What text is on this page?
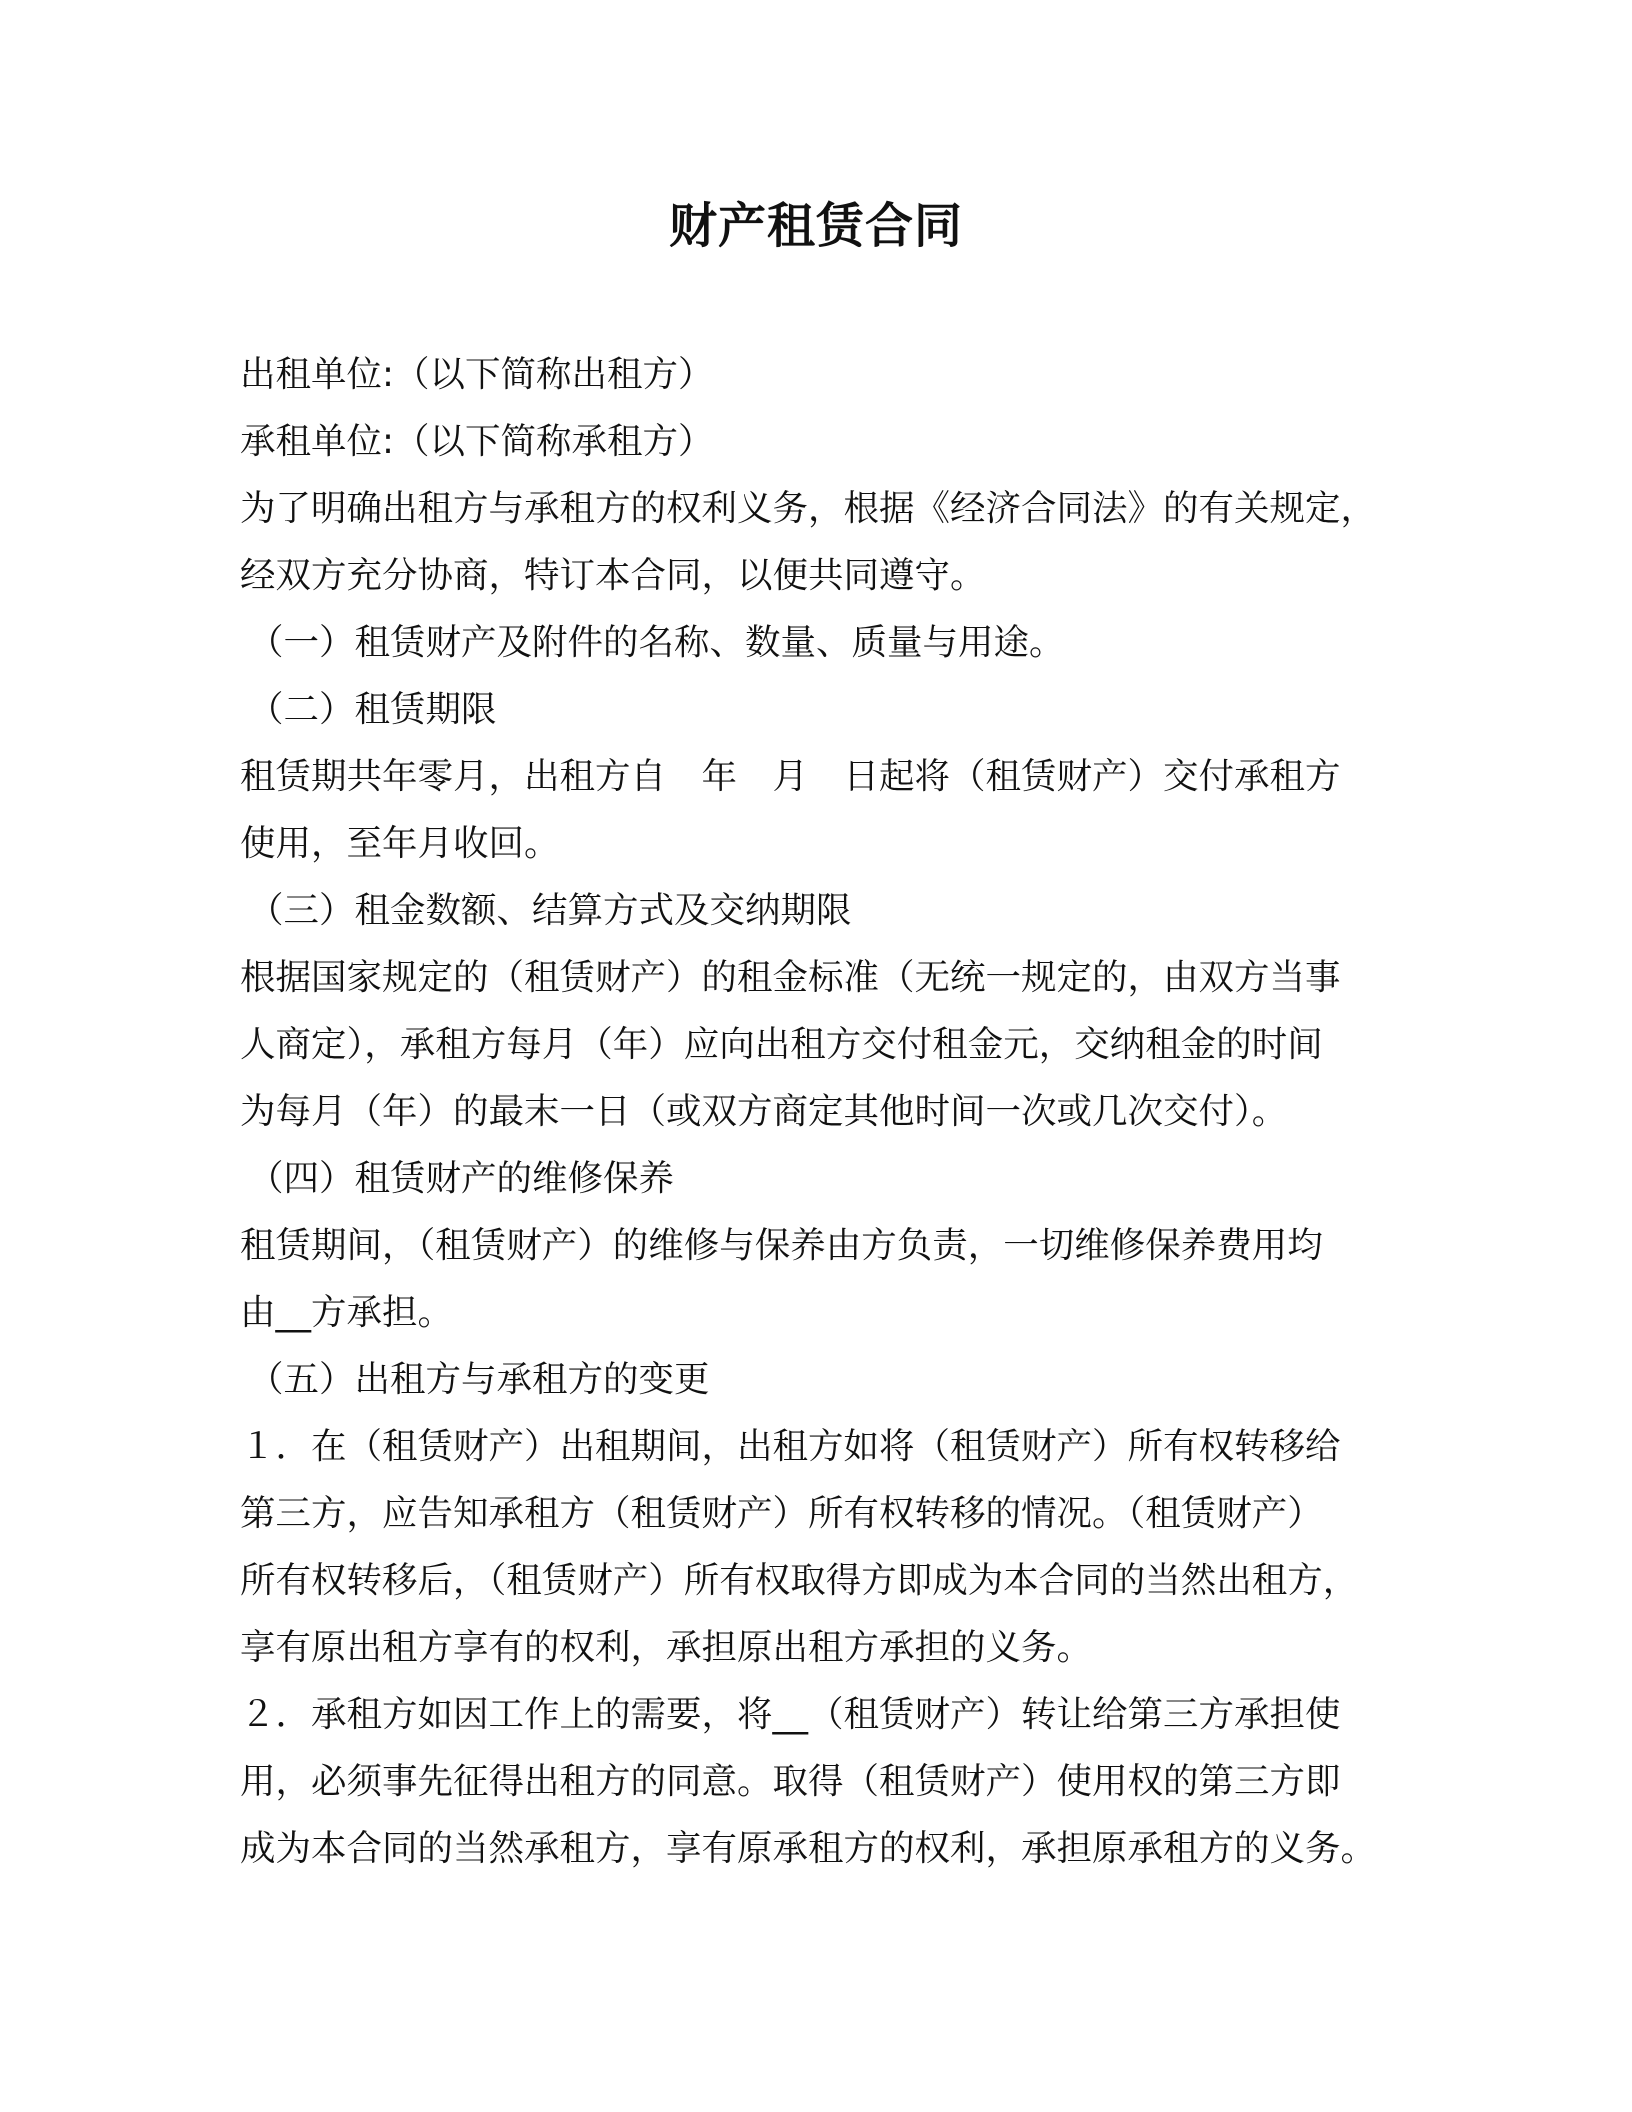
财产租赁合同
出租单位:（以下简称出租方）
承租单位:（以下简称承租方）
为了明确出租方与承租方的权利义务，根据《经济合同法》的有关规定，
经双方充分协商，特订本合同，以便共同遵守。
（一）租赁财产及附件的名称、数量、质量与用途。
（二）租赁期限
租赁期共年零月，出租方自　年　月　日起将（租赁财产）交付承租方
使用，至年月收回。
（三）租金数额、结算方式及交纳期限
根据国家规定的（租赁财产）的租金标准（无统一规定的，由双方当事
人商定），承租方每月（年）应向出租方交付租金元，交纳租金的时间
为每月（年）的最末一日（或双方商定其他时间一次或几次交付）。
（四）租赁财产的维修保养
租赁期间，（租赁财产）的维修与保养由方负责，一切维修保养费用均
由__方承担。
（五）出租方与承租方的变更
１．在（租赁财产）出租期间，出租方如将（租赁财产）所有权转移给
第三方，应告知承租方（租赁财产）所有权转移的情况。（租赁财产）
所有权转移后，（租赁财产）所有权取得方即成为本合同的当然出租方，
享有原出租方享有的权利，承担原出租方承担的义务。
２．承租方如因工作上的需要，将__（租赁财产）转让给第三方承担使
用，必须事先征得出租方的同意。取得（租赁财产）使用权的第三方即
成为本合同的当然承租方，享有原承租方的权利，承担原承租方的义务。
